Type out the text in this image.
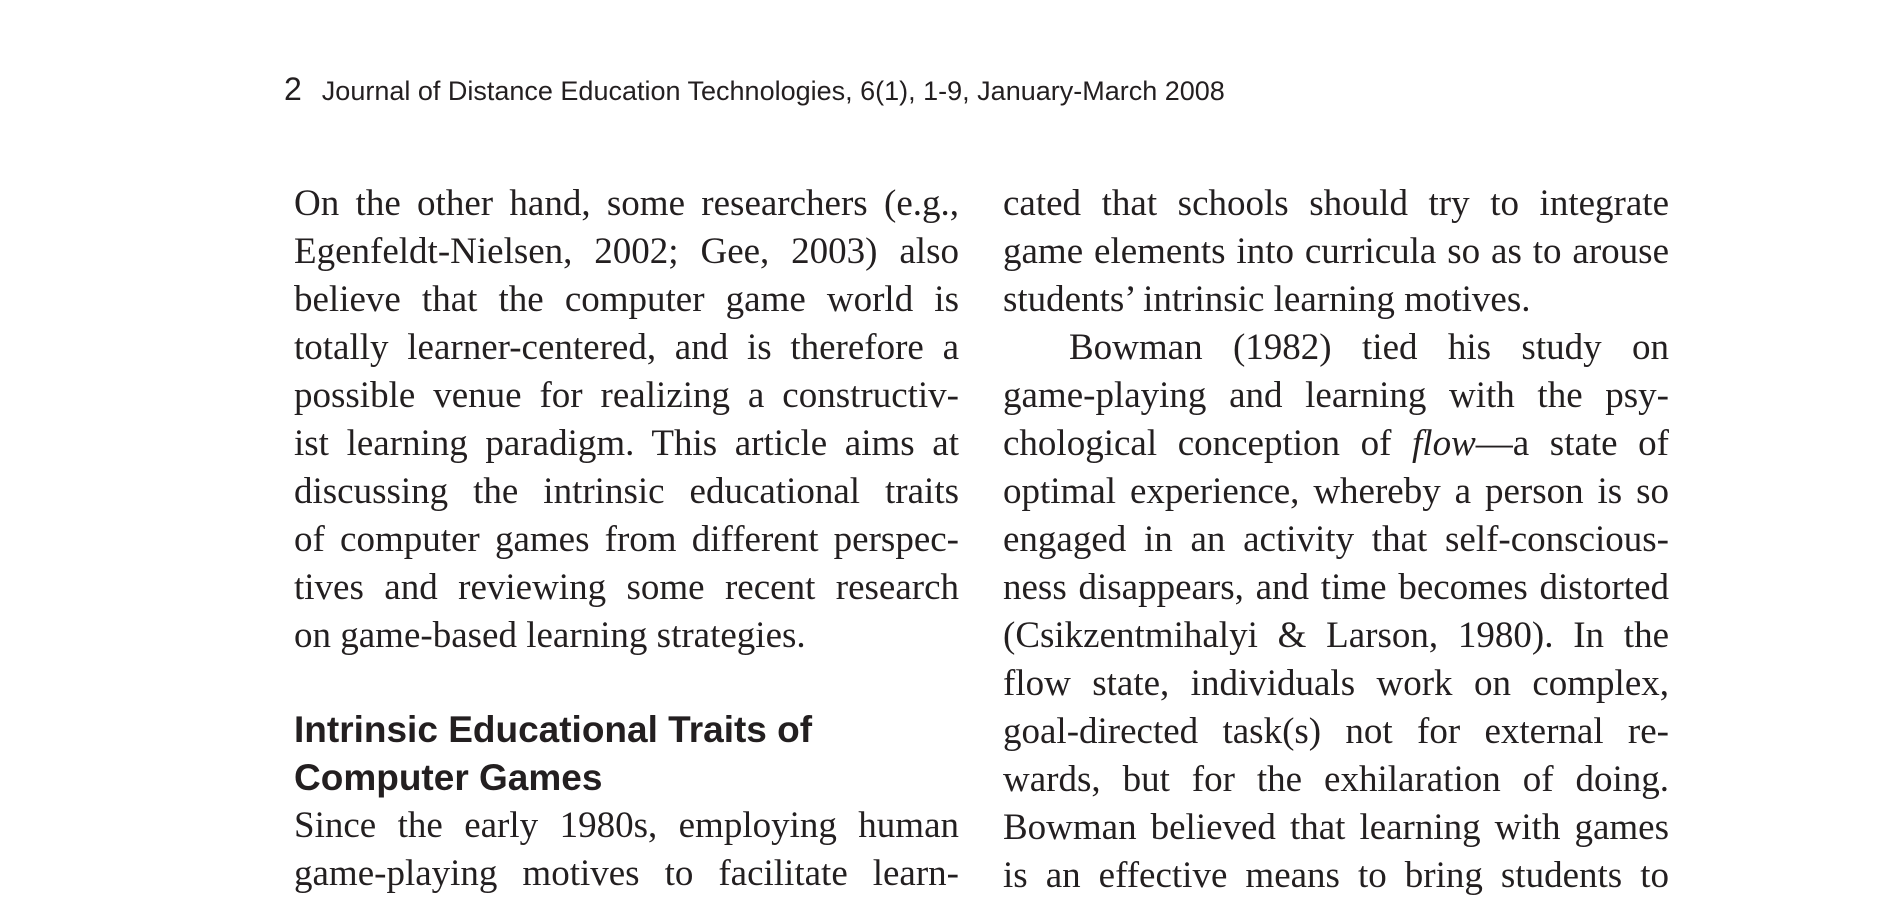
2 Journal of Distance Education Technologies, 6(1), 1-9, January-March 2008
On the other hand, some researchers (e.g.,
Egenfeldt-Nielsen, 2002; Gee, 2003) also
believe that the computer game world is
totally learner-centered, and is therefore a
possible venue for realizing a constructiv-
ist learning paradigm. This article aims at
discussing the intrinsic educational traits
of computer games from different perspec-
tives and reviewing some recent research
on game-based learning strategies.
Intrinsic Educational Traits of
Computer Games
Since the early 1980s, employing human
game-playing motives to facilitate learn-
cated that schools should try to integrate
game elements into curricula so as to arouse
students’ intrinsic learning motives.
Bowman (1982) tied his study on
game-playing and learning with the psy-
chological conception of flow—a state of
optimal experience, whereby a person is so
engaged in an activity that self-conscious-
ness disappears, and time becomes distorted
(Csikzentmihalyi & Larson, 1980). In the
flow state, individuals work on complex,
goal-directed task(s) not for external re-
wards, but for the exhilaration of doing.
Bowman believed that learning with games
is an effective means to bring students to
